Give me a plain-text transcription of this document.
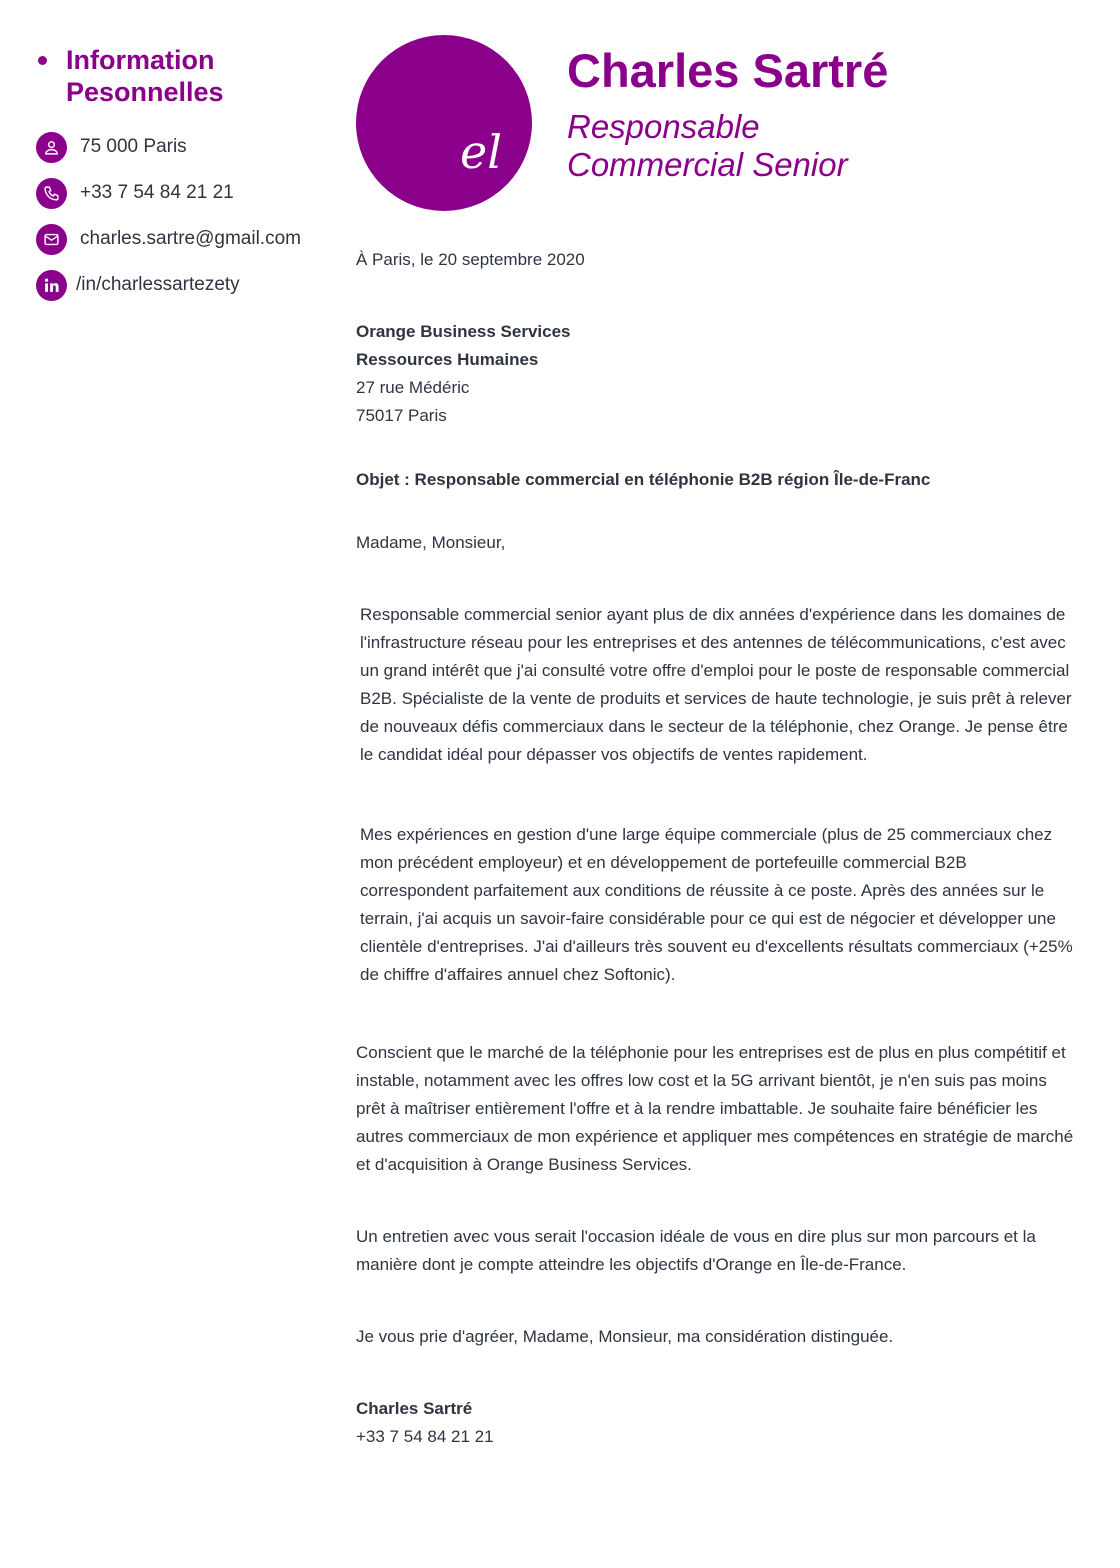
Information Pesonnelles
75 000 Paris
+33 7 54 84 21 21
charles.sartre@gmail.com
/in/charlessartezety
el
Charles Sartré
Responsable Commercial Senior
À Paris, le 20 septembre 2020
Orange Business Services
Ressources Humaines
27 rue Médéric
75017 Paris
Objet : Responsable commercial en téléphonie B2B région Île-de-Franc
Madame, Monsieur,
Responsable commercial senior ayant plus de dix années d'expérience dans les domaines de l'infrastructure réseau pour les entreprises et des antennes de télécommunications, c'est avec un grand intérêt que j'ai consulté votre offre d'emploi pour le poste de responsable commercial B2B. Spécialiste de la vente de produits et services de haute technologie, je suis prêt à relever de nouveaux défis commerciaux dans le secteur de la téléphonie, chez Orange. Je pense être le candidat idéal pour dépasser vos objectifs de ventes rapidement.
Mes expériences en gestion d'une large équipe commerciale (plus de 25 commerciaux chez mon précédent employeur) et en développement de portefeuille commercial B2B correspondent parfaitement aux conditions de réussite à ce poste. Après des années sur le terrain, j'ai acquis un savoir-faire considérable pour ce qui est de négocier et développer une clientèle d'entreprises. J'ai d'ailleurs très souvent eu d'excellents résultats commerciaux (+25% de chiffre d'affaires annuel chez Softonic).
Conscient que le marché de la téléphonie pour les entreprises est de plus en plus compétitif et instable, notamment avec les offres low cost et la 5G arrivant bientôt, je n'en suis pas moins prêt à maîtriser entièrement l'offre et à la rendre imbattable. Je souhaite faire bénéficier les autres commerciaux de mon expérience et appliquer mes compétences en stratégie de marché et d'acquisition à Orange Business Services.
Un entretien avec vous serait l'occasion idéale de vous en dire plus sur mon parcours et la manière dont je compte atteindre les objectifs d'Orange en Île-de-France.
Je vous prie d'agréer, Madame, Monsieur, ma considération distinguée.
Charles Sartré
+33 7 54 84 21 21
